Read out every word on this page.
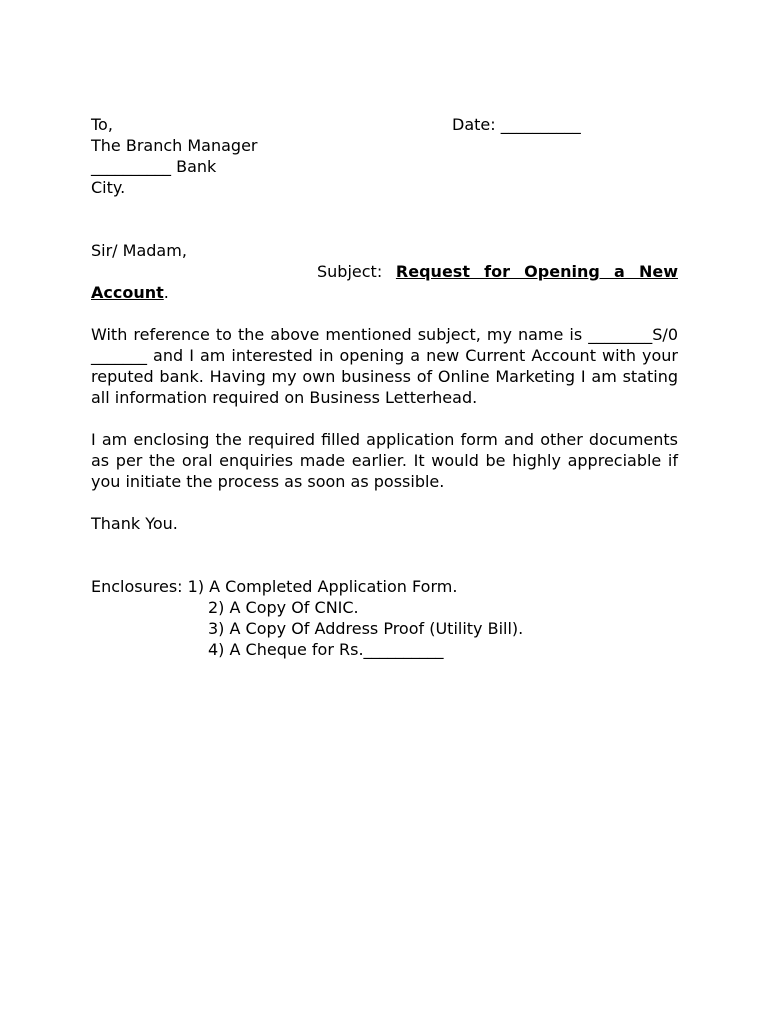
To,	Date: __________
The Branch Manager
__________ Bank
City.
Sir/ Madam,
Subject: Request for Opening a New Account.
With reference to the above mentioned subject, my name is ________S/0 _______ and I am interested in opening a new Current Account with your reputed bank. Having my own business of Online Marketing I am stating all information required on Business Letterhead.
I am enclosing the required filled application form and other documents as per the oral enquiries made earlier. It would be highly appreciable if you initiate the process as soon as possible.
Thank You.
Enclosures: 1) A Completed Application Form.
2) A Copy Of CNIC.
3) A Copy Of Address Proof (Utility Bill).
4) A Cheque for Rs.__________
